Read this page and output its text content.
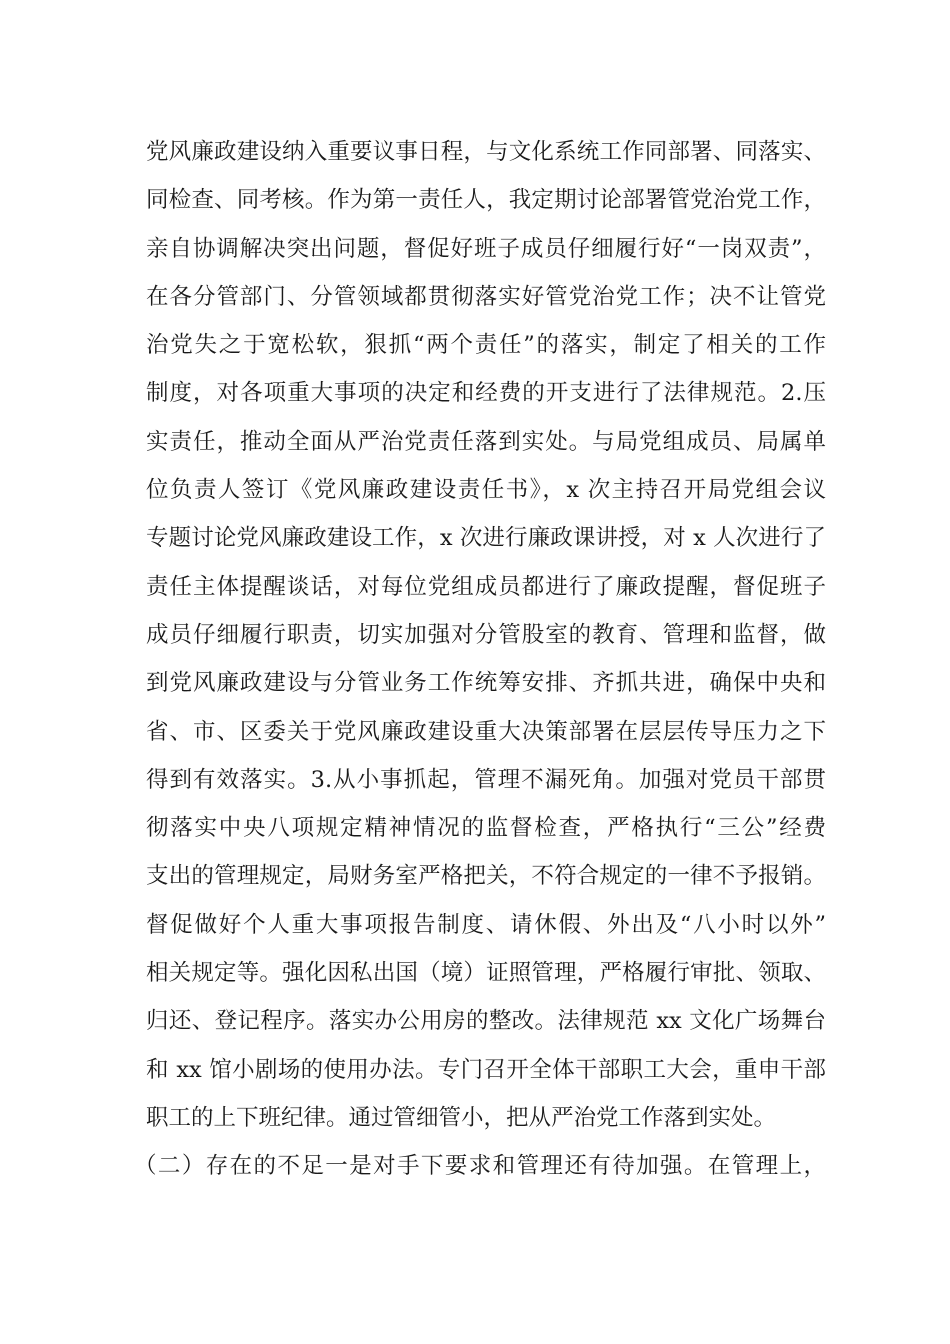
党风廉政建设纳入重要议事日程，与文化系统工作同部署、同落实、
同检查、同考核。作为第一责任人，我定期讨论部署管党治党工作，
亲自协调解决突出问题，督促好班子成员仔细履行好“一岗双责”，
在各分管部门、分管领域都贯彻落实好管党治党工作；决不让管党
治党失之于宽松软，狠抓“两个责任”的落实，制定了相关的工作
制度，对各项重大事项的决定和经费的开支进行了法律规范。2.压
实责任，推动全面从严治党责任落到实处。与局党组成员、局属单
位负责人签订《党风廉政建设责任书》，x 次主持召开局党组会议
专题讨论党风廉政建设工作，x 次进行廉政课讲授，对 x 人次进行了
责任主体提醒谈话，对每位党组成员都进行了廉政提醒，督促班子
成员仔细履行职责，切实加强对分管股室的教育、管理和监督，做
到党风廉政建设与分管业务工作统筹安排、齐抓共进，确保中央和
省、市、区委关于党风廉政建设重大决策部署在层层传导压力之下
得到有效落实。3.从小事抓起，管理不漏死角。加强对党员干部贯
彻落实中央八项规定精神情况的监督检查，严格执行“三公”经费
支出的管理规定，局财务室严格把关，不符合规定的一律不予报销。
督促做好个人重大事项报告制度、请休假、外出及“八小时以外”
相关规定等。强化因私出国（境）证照管理，严格履行审批、领取、
归还、登记程序。落实办公用房的整改。法律规范 xx 文化广场舞台
和 xx 馆小剧场的使用办法。专门召开全体干部职工大会，重申干部
职工的上下班纪律。通过管细管小，把从严治党工作落到实处。
（二）存在的不足一是对手下要求和管理还有待加强。在管理上，
